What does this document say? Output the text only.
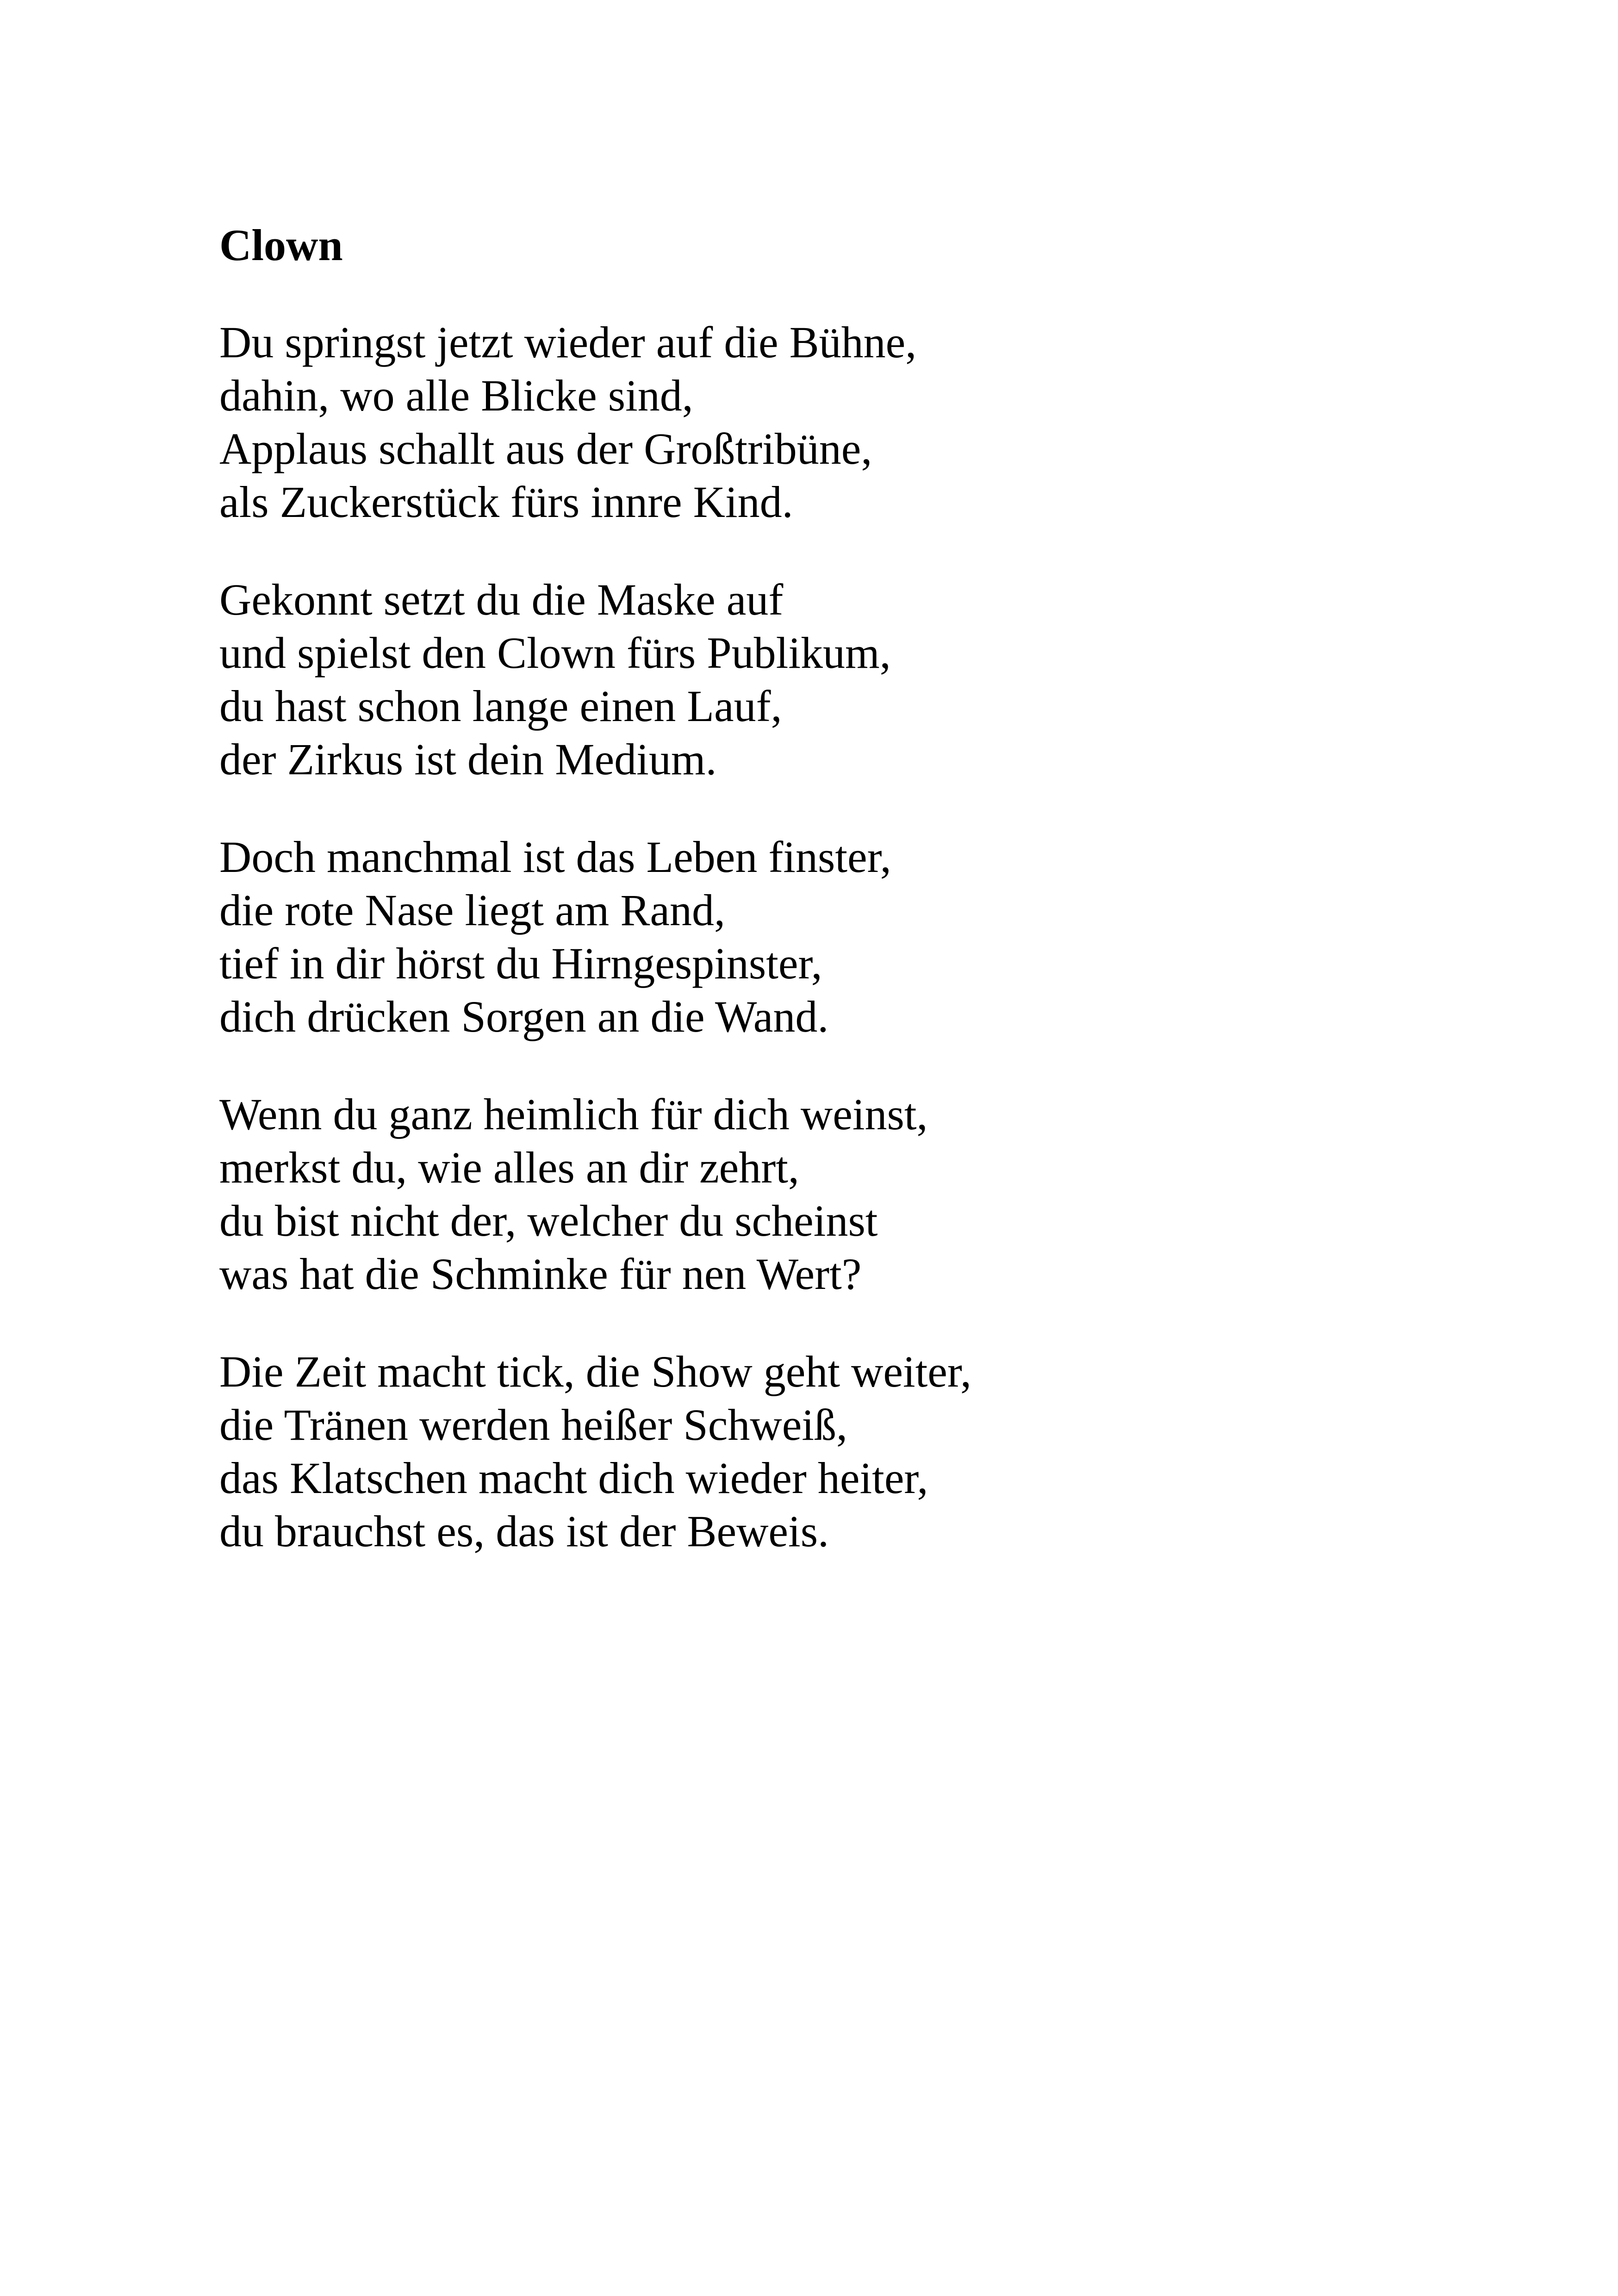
Clown
Du springst jetzt wieder auf die Bühne,
dahin, wo alle Blicke sind,
Applaus schallt aus der Großtribüne,
als Zuckerstück fürs innre Kind.
Gekonnt setzt du die Maske auf
und spielst den Clown fürs Publikum,
du hast schon lange einen Lauf,
der Zirkus ist dein Medium.
Doch manchmal ist das Leben finster,
die rote Nase liegt am Rand,
tief in dir hörst du Hirngespinster,
dich drücken Sorgen an die Wand.
Wenn du ganz heimlich für dich weinst,
merkst du, wie alles an dir zehrt,
du bist nicht der, welcher du scheinst
was hat die Schminke für nen Wert?
Die Zeit macht tick, die Show geht weiter,
die Tränen werden heißer Schweiß,
das Klatschen macht dich wieder heiter,
du brauchst es, das ist der Beweis.
